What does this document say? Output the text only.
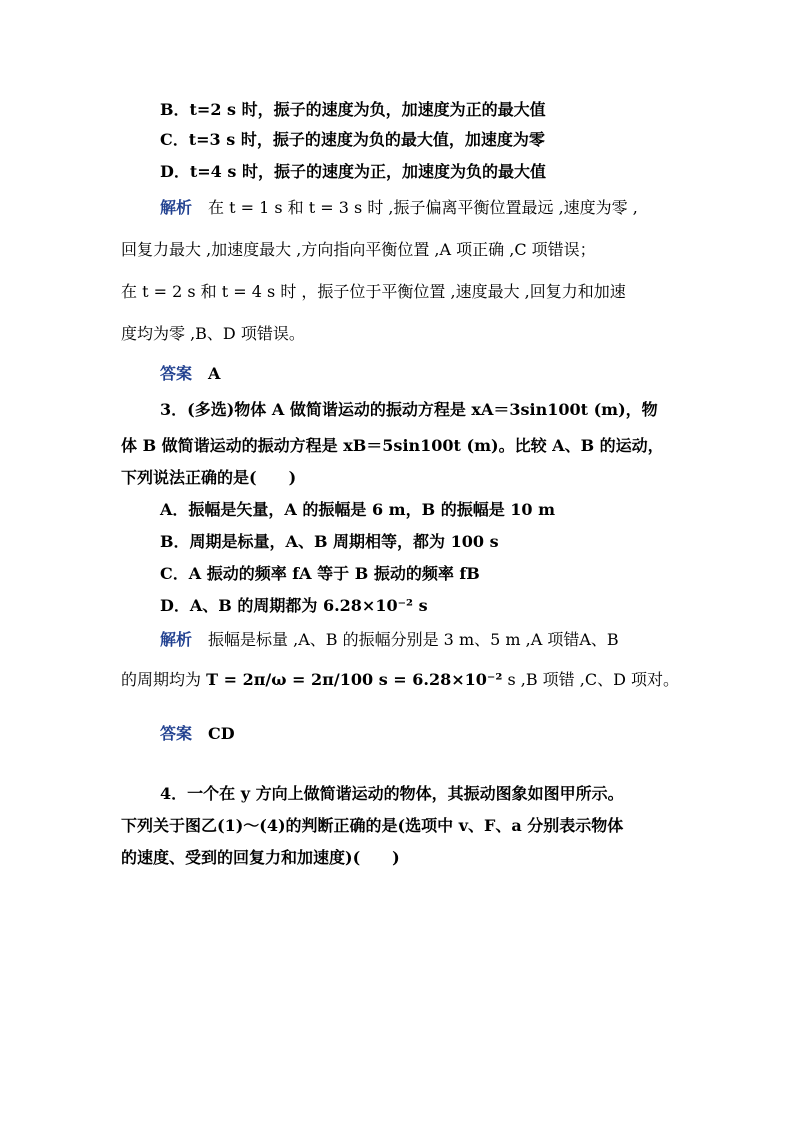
B．t=2 s 时，振子的速度为负，加速度为正的最大值
C．t=3 s 时，振子的速度为负的最大值，加速度为零
D．t=4 s 时，振子的速度为正，加速度为负的最大值
解析 在 t = 1 s 和 t = 3 s 时 ,振子偏离平衡位置最远 ,速度为零 ,
回复力最大 ,加速度最大 ,方向指向平衡位置 ,A 项正确 ,C 项错误；
在 t = 2 s 和 t = 4 s 时 ，振子位于平衡位置 ,速度最大 ,回复力和加速
度均为零 ,B、D 项错误。
答案 A
3．(多选)物体 A 做简谐运动的振动方程是 xA＝3sin100t (m)，物
体 B 做简谐运动的振动方程是 xB＝5sin100t (m)。比较 A、B 的运动，
下列说法正确的是(　　)
A．振幅是矢量，A 的振幅是 6 m，B 的振幅是 10 m
B．周期是标量，A、B 周期相等，都为 100 s
C．A 振动的频率 fA 等于 B 振动的频率 fB
D．A、B 的周期都为 6.28×10⁻² s
解析 振幅是标量 ,A、B 的振幅分别是 3 m、5 m ,A 项错A、B
的周期均为 T = 2π/ω = 2π/100 s = 6.28×10⁻² s ,B 项错 ,C、D 项对。
答案 CD
4．一个在 y 方向上做简谐运动的物体，其振动图象如图甲所示。
下列关于图乙(1)～(4)的判断正确的是(选项中 v、F、a 分别表示物体
的速度、受到的回复力和加速度)(　　)
